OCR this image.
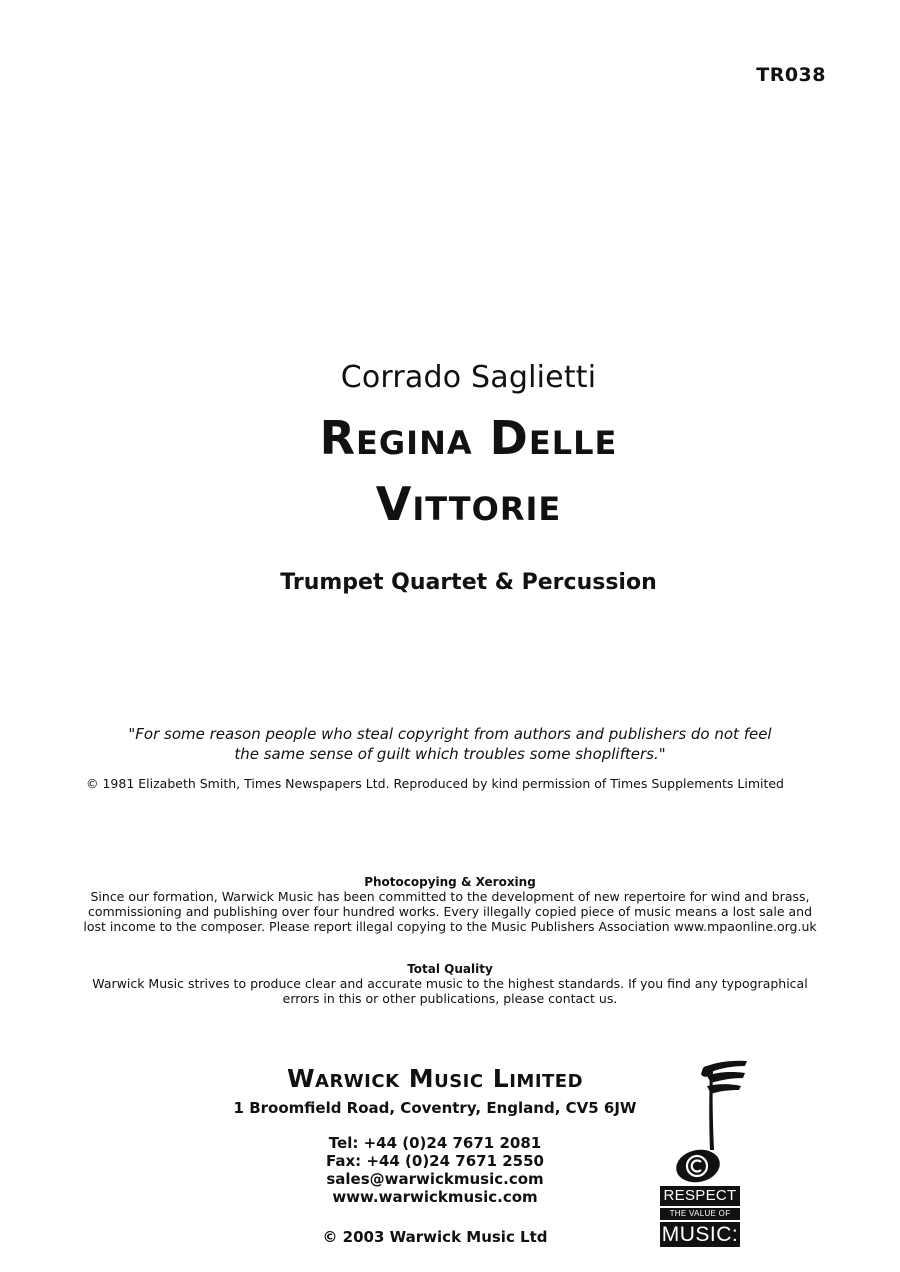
TR038
Corrado Saglietti
Regina Delle
Vittorie
Trumpet Quartet & Percussion
"For some reason people who steal copyright from authors and publishers do not feel
the same sense of guilt which troubles some shoplifters."
© 1981 Elizabeth Smith, Times Newspapers Ltd. Reproduced by kind permission of Times Supplements Limited
Photocopying & Xeroxing
Since our formation, Warwick Music has been committed to the development of new repertoire for wind and brass,
commissioning and publishing over four hundred works. Every illegally copied piece of music means a lost sale and
lost income to the composer. Please report illegal copying to the Music Publishers Association www.mpaonline.org.uk
Total Quality
Warwick Music strives to produce clear and accurate music to the highest standards. If you find any typographical
errors in this or other publications, please contact us.
Warwick Music Limited
1 Broomfield Road, Coventry, England, CV5 6JW
Tel: +44 (0)24 7671 2081
Fax: +44 (0)24 7671 2550
sales@warwickmusic.com
www.warwickmusic.com
© 2003 Warwick Music Ltd
RESPECT
THE VALUE OF
MUSIC:
